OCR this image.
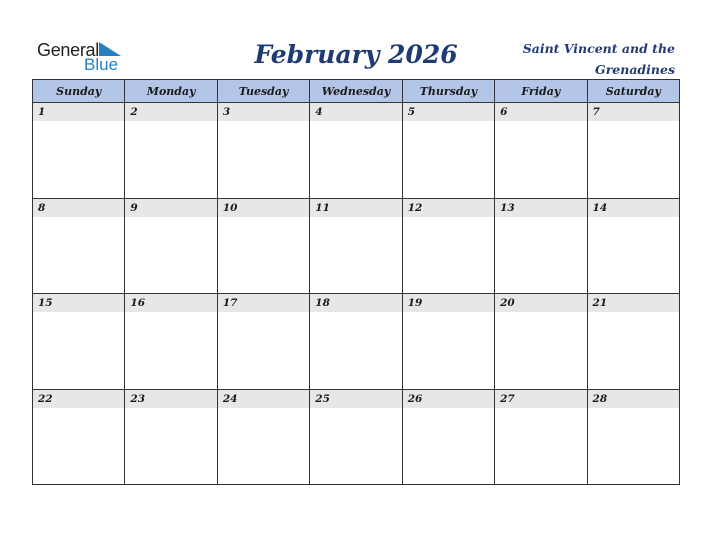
General
Blue	February 2026	Saint Vincent and the Grenadines
Sunday	Monday	Tuesday	Wednesday	Thursday	Friday	Saturday

1	2	3	4	5	6	7

8	9	10	11	12	13	14

15	16	17	18	19	20	21

22	23	24	25	26	27	28
